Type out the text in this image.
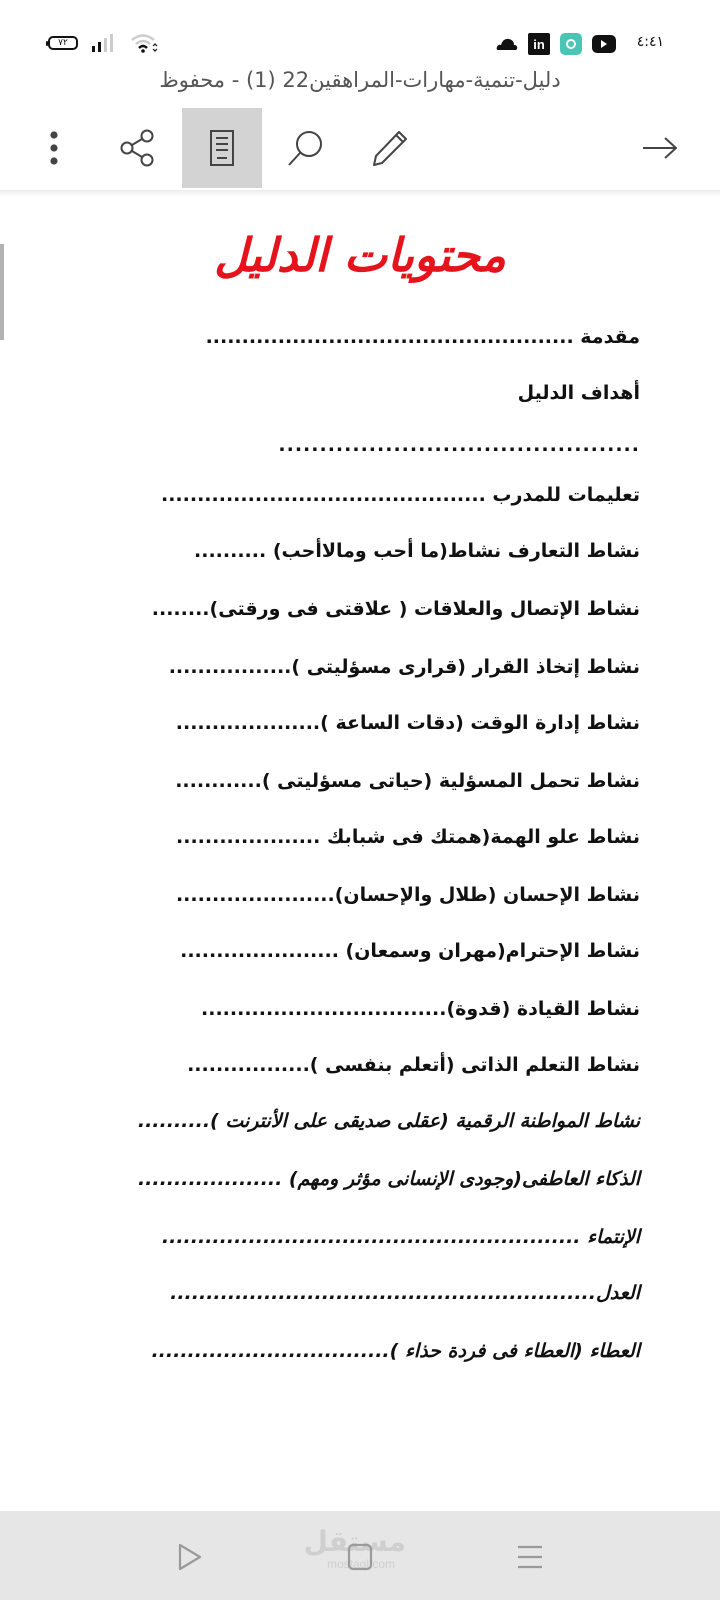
٧٢	in	٤:٤١
دليل-تنمية-مهارات-المراهقين22 (1) - محفوظ
محتويات الدليل
مقدمة ...................................................
أهداف الدليل
............................................
تعليمات للمدرب .............................................
نشاط التعارف نشاط(ما أحب ومالاأحب) ..........
نشاط الإتصال والعلاقات ( علاقتى فى ورقتى)........
نشاط إتخاذ القرار (قرارى مسؤليتى ).................
نشاط إدارة الوقت (دقات الساعة )....................
نشاط تحمل المسؤلية (حياتى مسؤليتى )............
نشاط علو الهمة(همتك فى شبابك ....................
نشاط الإحسان (طلال والإحسان)......................
نشاط الإحترام(مهران وسمعان) ......................
نشاط القيادة (قدوة)..................................
نشاط التعلم الذاتى (أتعلم بنفسى ).................
نشاط المواطنة الرقمية (عقلى صديقى على الأنترنت )..........
الذكاء العاطفى(وجودى الإنسانى مؤثر ومهم) ....................
الإنتماء ..........................................................
العدل...........................................................
العطاء (العطاء فى فردة حذاء ).................................
مستقل
mostaql.com
